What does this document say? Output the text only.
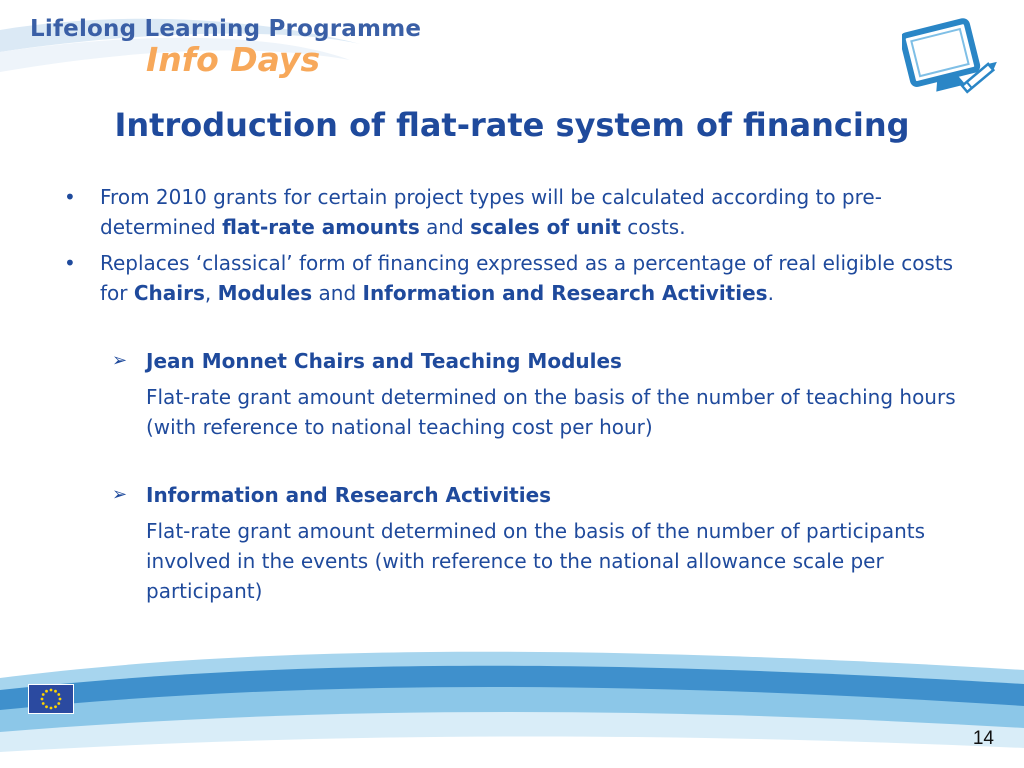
Lifelong Learning Programme
Info Days
Introduction of flat-rate system of financing
• From 2010 grants for certain project types will be calculated according to pre-determined flat-rate amounts and scales of unit costs.
• Replaces ‘classical’ form of financing expressed as a percentage of real eligible costs for Chairs, Modules and Information and Research Activities.
➢ Jean Monnet Chairs and Teaching Modules
Flat-rate grant amount determined on the basis of the number of teaching hours (with reference to national teaching cost per hour)
➢ Information and Research Activities
Flat-rate grant amount determined on the basis of the number of participants involved in the events (with reference to the national allowance scale per participant)
14
